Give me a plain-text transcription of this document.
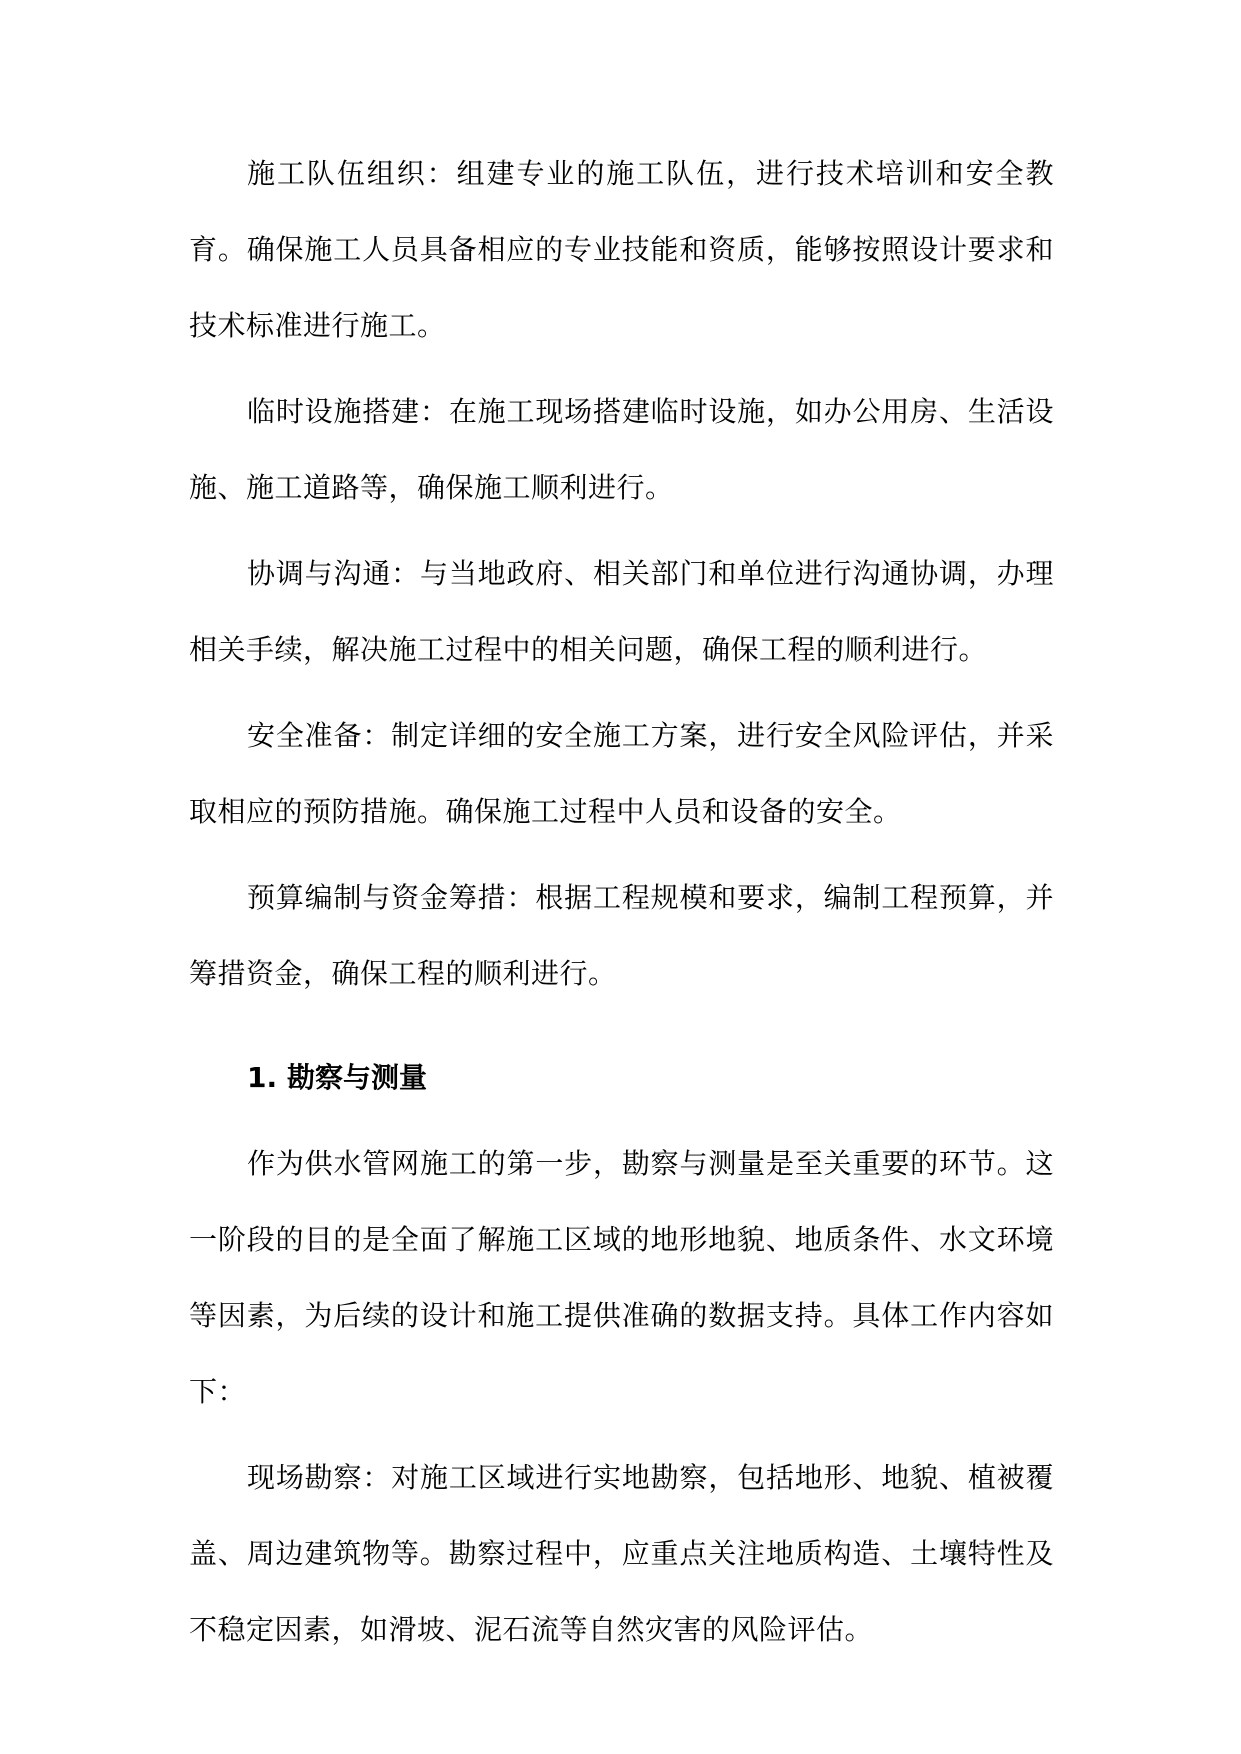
施工队伍组织：组建专业的施工队伍，进行技术培训和安全教育。确保施工人员具备相应的专业技能和资质，能够按照设计要求和技术标准进行施工。

临时设施搭建：在施工现场搭建临时设施，如办公用房、生活设施、施工道路等，确保施工顺利进行。

协调与沟通：与当地政府、相关部门和单位进行沟通协调，办理相关手续，解决施工过程中的相关问题，确保工程的顺利进行。

安全准备：制定详细的安全施工方案，进行安全风险评估，并采取相应的预防措施。确保施工过程中人员和设备的安全。

预算编制与资金筹措：根据工程规模和要求，编制工程预算，并筹措资金，确保工程的顺利进行。

1. 勘察与测量

作为供水管网施工的第一步，勘察与测量是至关重要的环节。这一阶段的目的是全面了解施工区域的地形地貌、地质条件、水文环境等因素，为后续的设计和施工提供准确的数据支持。具体工作内容如下：

现场勘察：对施工区域进行实地勘察，包括地形、地貌、植被覆盖、周边建筑物等。勘察过程中，应重点关注地质构造、土壤特性及不稳定因素，如滑坡、泥石流等自然灾害的风险评估。
